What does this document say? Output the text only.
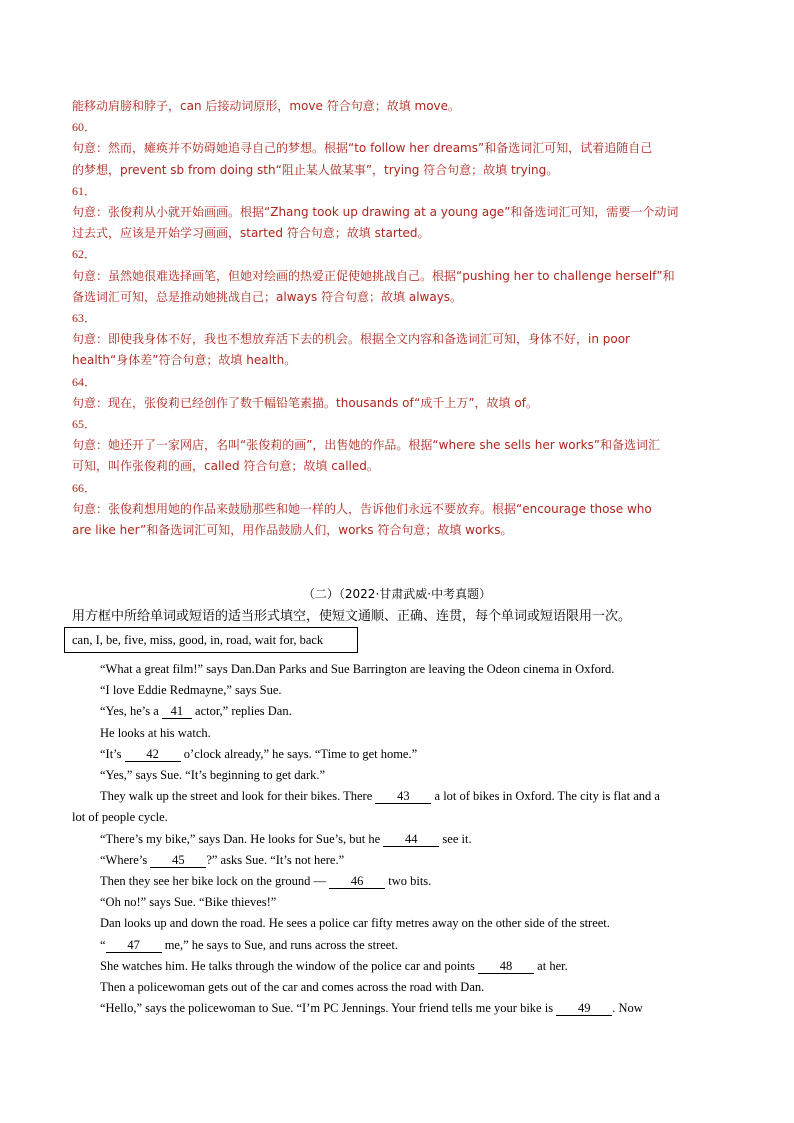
能移动肩膀和脖子，can 后接动词原形，move 符合句意；故填 move。
60．
句意：然而，瘫痪并不妨碍她追寻自己的梦想。根据“to follow her dreams”和备选词汇可知，试着追随自己
的梦想，prevent sb from doing sth“阻止某人做某事”，trying 符合句意；故填 trying。
61．
句意：张俊莉从小就开始画画。根据“Zhang took up drawing at a young age”和备选词汇可知，需要一个动词
过去式，应该是开始学习画画，started 符合句意；故填 started。
62．
句意：虽然她很难选择画笔，但她对绘画的热爱正促使她挑战自己。根据“pushing her to challenge herself”和
备选词汇可知，总是推动她挑战自己；always 符合句意；故填 always。
63．
句意：即使我身体不好，我也不想放弃活下去的机会。根据全文内容和备选词汇可知，身体不好，in poor
health“身体差”符合句意；故填 health。
64．
句意：现在，张俊莉已经创作了数千幅铅笔素描。thousands of“成千上万”，故填 of。
65．
句意：她还开了一家网店，名叫“张俊莉的画”，出售她的作品。根据“where she sells her works”和备选词汇
可知，叫作张俊莉的画，called 符合句意；故填 called。
66．
句意：张俊莉想用她的作品来鼓励那些和她一样的人，告诉他们永远不要放弃。根据“encourage those who
are like her”和备选词汇可知，用作品鼓励人们，works 符合句意；故填 works。
（二）（2022·甘肃武威·中考真题）
用方框中所给单词或短语的适当形式填空，使短文通顺、正确、连贯，每个单词或短语限用一次。
can, I, be, five, miss, good, in, road, wait for, back
“What a great film!” says Dan.Dan Parks and Sue Barrington are leaving the Odeon cinema in Oxford.
“I love Eddie Redmayne,” says Sue.
“Yes, he’s a 41 actor,” replies Dan.
He looks at his watch.
“It’s 42 o’clock already,” he says. “Time to get home.”
“Yes,” says Sue. “It’s beginning to get dark.”
They walk up the street and look for their bikes. There 43 a lot of bikes in Oxford. The city is flat and a
lot of people cycle.
“There’s my bike,” says Dan. He looks for Sue’s, but he 44 see it.
“Where’s 45 ?” asks Sue. “It’s not here.”
Then they see her bike lock on the ground — 46 two bits.
“Oh no!” says Sue. “Bike thieves!”
Dan looks up and down the road. He sees a police car fifty metres away on the other side of the street.
“ 47 me,” he says to Sue, and runs across the street.
She watches him. He talks through the window of the police car and points 48 at her.
Then a policewoman gets out of the car and comes across the road with Dan.
“Hello,” says the policewoman to Sue. “I’m PC Jennings. Your friend tells me your bike is 49 . Now
